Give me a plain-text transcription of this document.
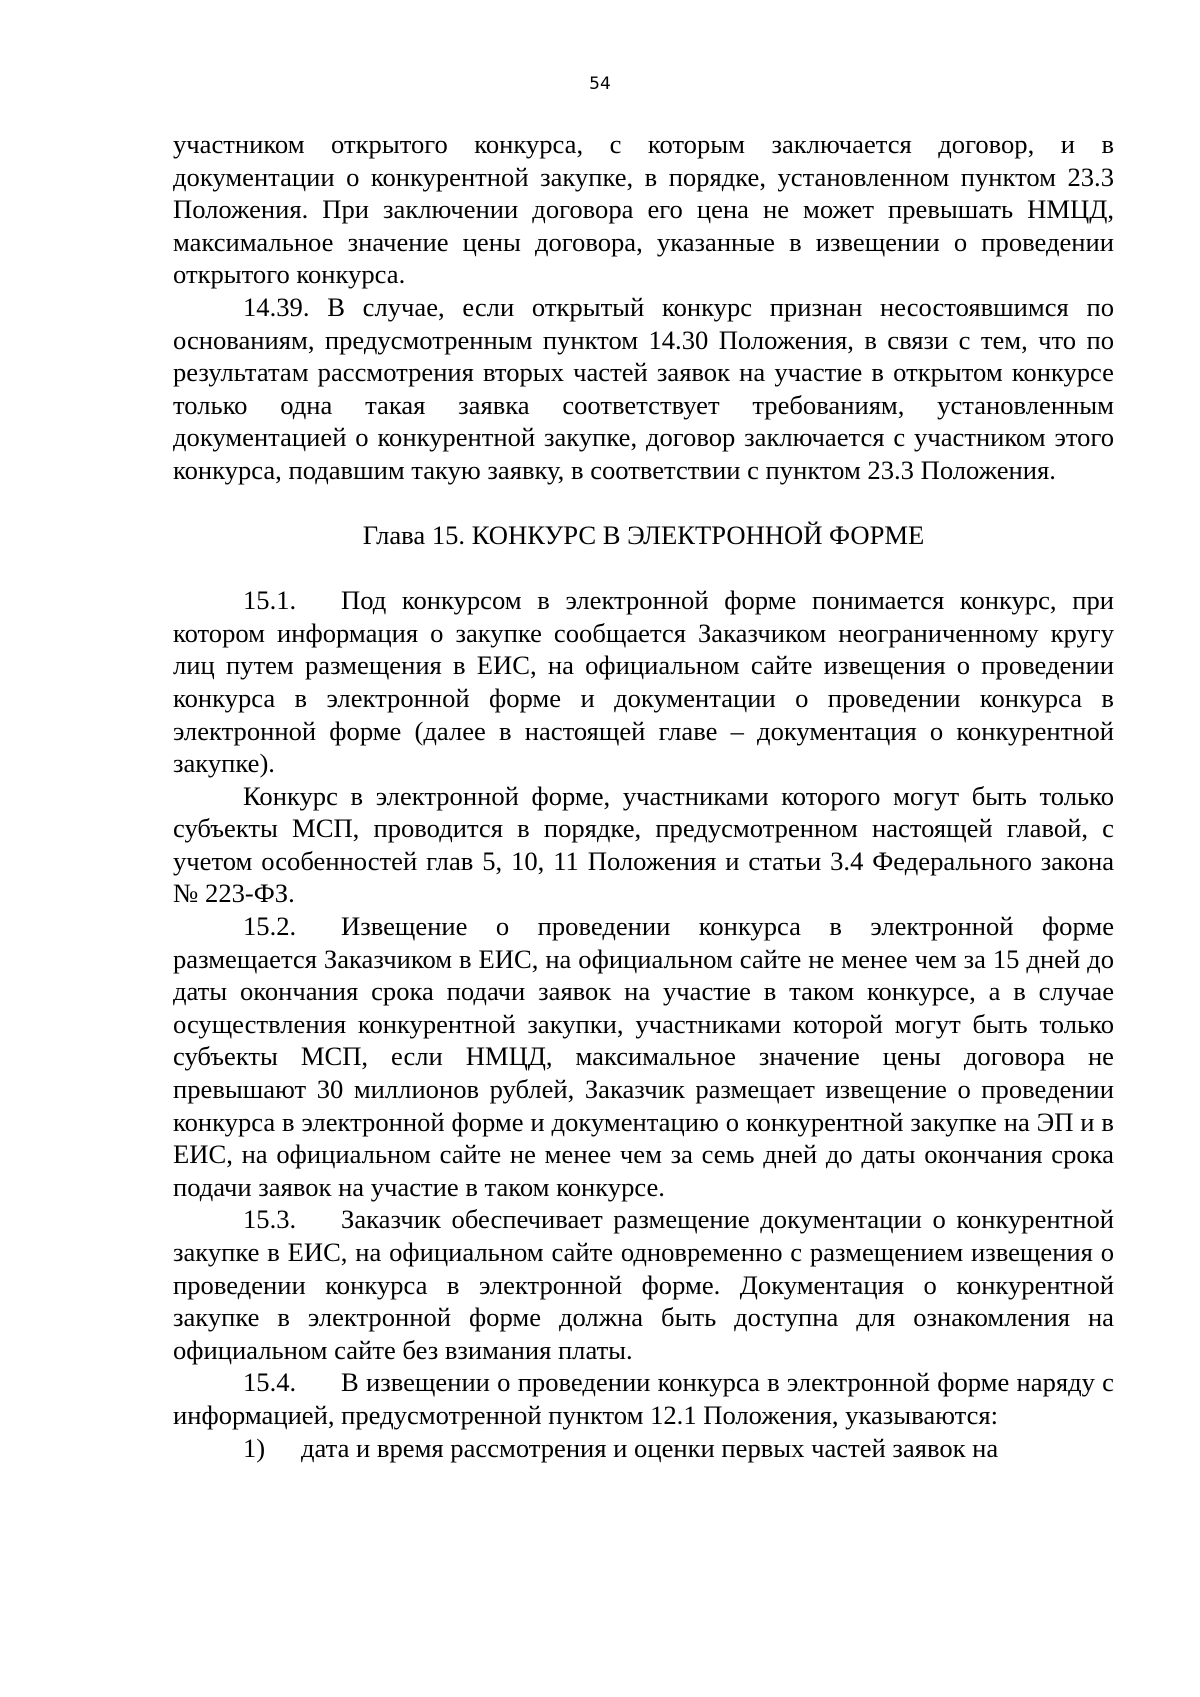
54

участником открытого конкурса, с которым заключается договор, и в документации о конкурентной закупке, в порядке, установленном пунктом 23.3 Положения. При заключении договора его цена не может превышать НМЦД, максимальное значение цены договора, указанные в извещении о проведении открытого конкурса.

14.39. В случае, если открытый конкурс признан несостоявшимся по основаниям, предусмотренным пунктом 14.30 Положения, в связи с тем, что по результатам рассмотрения вторых частей заявок на участие в открытом конкурсе только одна такая заявка соответствует требованиям, установленным документацией о конкурентной закупке, договор заключается с участником этого конкурса, подавшим такую заявку, в соответствии с пунктом 23.3 Положения.

Глава 15. КОНКУРС В ЭЛЕКТРОННОЙ ФОРМЕ

15.1. Под конкурсом в электронной форме понимается конкурс, при котором информация о закупке сообщается Заказчиком неограниченному кругу лиц путем размещения в ЕИС, на официальном сайте извещения о проведении конкурса в электронной форме и документации о проведении конкурса в электронной форме (далее в настоящей главе – документация о конкурентной закупке).

Конкурс в электронной форме, участниками которого могут быть только субъекты МСП, проводится в порядке, предусмотренном настоящей главой, с учетом особенностей глав 5, 10, 11 Положения и статьи 3.4 Федерального закона № 223-ФЗ.

15.2. Извещение о проведении конкурса в электронной форме размещается Заказчиком в ЕИС, на официальном сайте не менее чем за 15 дней до даты окончания срока подачи заявок на участие в таком конкурсе, а в случае осуществления конкурентной закупки, участниками которой могут быть только субъекты МСП, если НМЦД, максимальное значение цены договора не превышают 30 миллионов рублей, Заказчик размещает извещение о проведении конкурса в электронной форме и документацию о конкурентной закупке на ЭП и в ЕИС, на официальном сайте не менее чем за семь дней до даты окончания срока подачи заявок на участие в таком конкурсе.

15.3. Заказчик обеспечивает размещение документации о конкурентной закупке в ЕИС, на официальном сайте одновременно с размещением извещения о проведении конкурса в электронной форме. Документация о конкурентной закупке в электронной форме должна быть доступна для ознакомления на официальном сайте без взимания платы.

15.4. В извещении о проведении конкурса в электронной форме наряду с информацией, предусмотренной пунктом 12.1 Положения, указываются:

1) дата и время рассмотрения и оценки первых частей заявок на
